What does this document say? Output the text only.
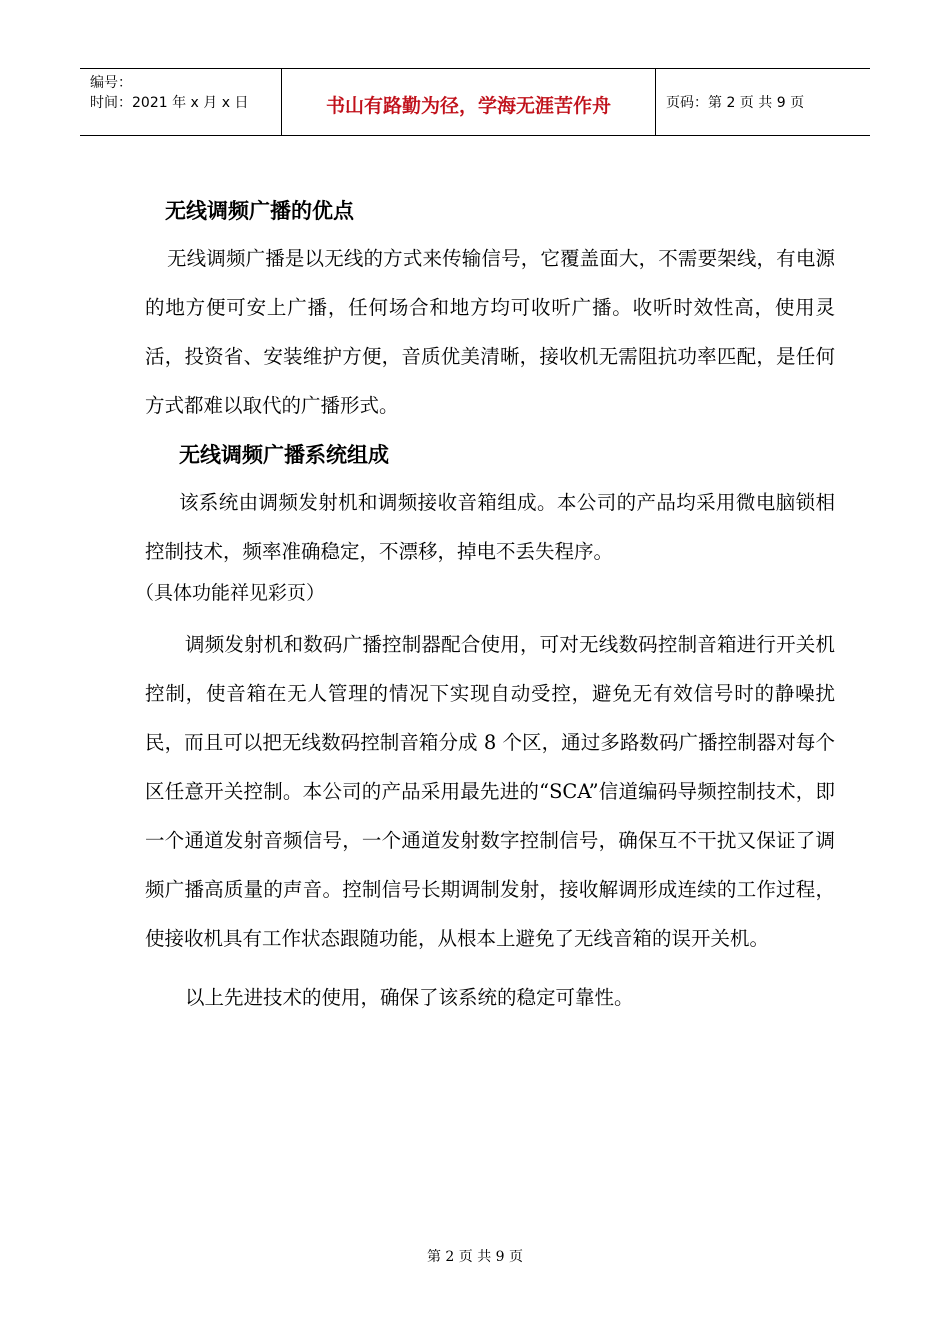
编号：
时间：2021 年 x 月 x 日	书山有路勤为径，学海无涯苦作舟	页码：第 2 页 共 9 页
无线调频广播的优点

无线调频广播是以无线的方式来传输信号，它覆盖面大，不需要架线，有电源的地方便可安上广播，任何场合和地方均可收听广播。收听时效性高，使用灵活，投资省、安装维护方便，音质优美清晰，接收机无需阻抗功率匹配，是任何方式都难以取代的广播形式。

无线调频广播系统组成

该系统由调频发射机和调频接收音箱组成。本公司的产品均采用微电脑锁相控制技术，频率准确稳定，不漂移，掉电不丢失程序。

（具体功能祥见彩页）

调频发射机和数码广播控制器配合使用，可对无线数码控制音箱进行开关机控制，使音箱在无人管理的情况下实现自动受控，避免无有效信号时的静噪扰民，而且可以把无线数码控制音箱分成 8 个区，通过多路数码广播控制器对每个区任意开关控制。本公司的产品采用最先进的“SCA”信道编码导频控制技术，即一个通道发射音频信号，一个通道发射数字控制信号，确保互不干扰又保证了调频广播高质量的声音。控制信号长期调制发射，接收解调形成连续的工作过程，使接收机具有工作状态跟随功能，从根本上避免了无线音箱的误开关机。

以上先进技术的使用，确保了该系统的稳定可靠性。

第 2 页 共 9 页
